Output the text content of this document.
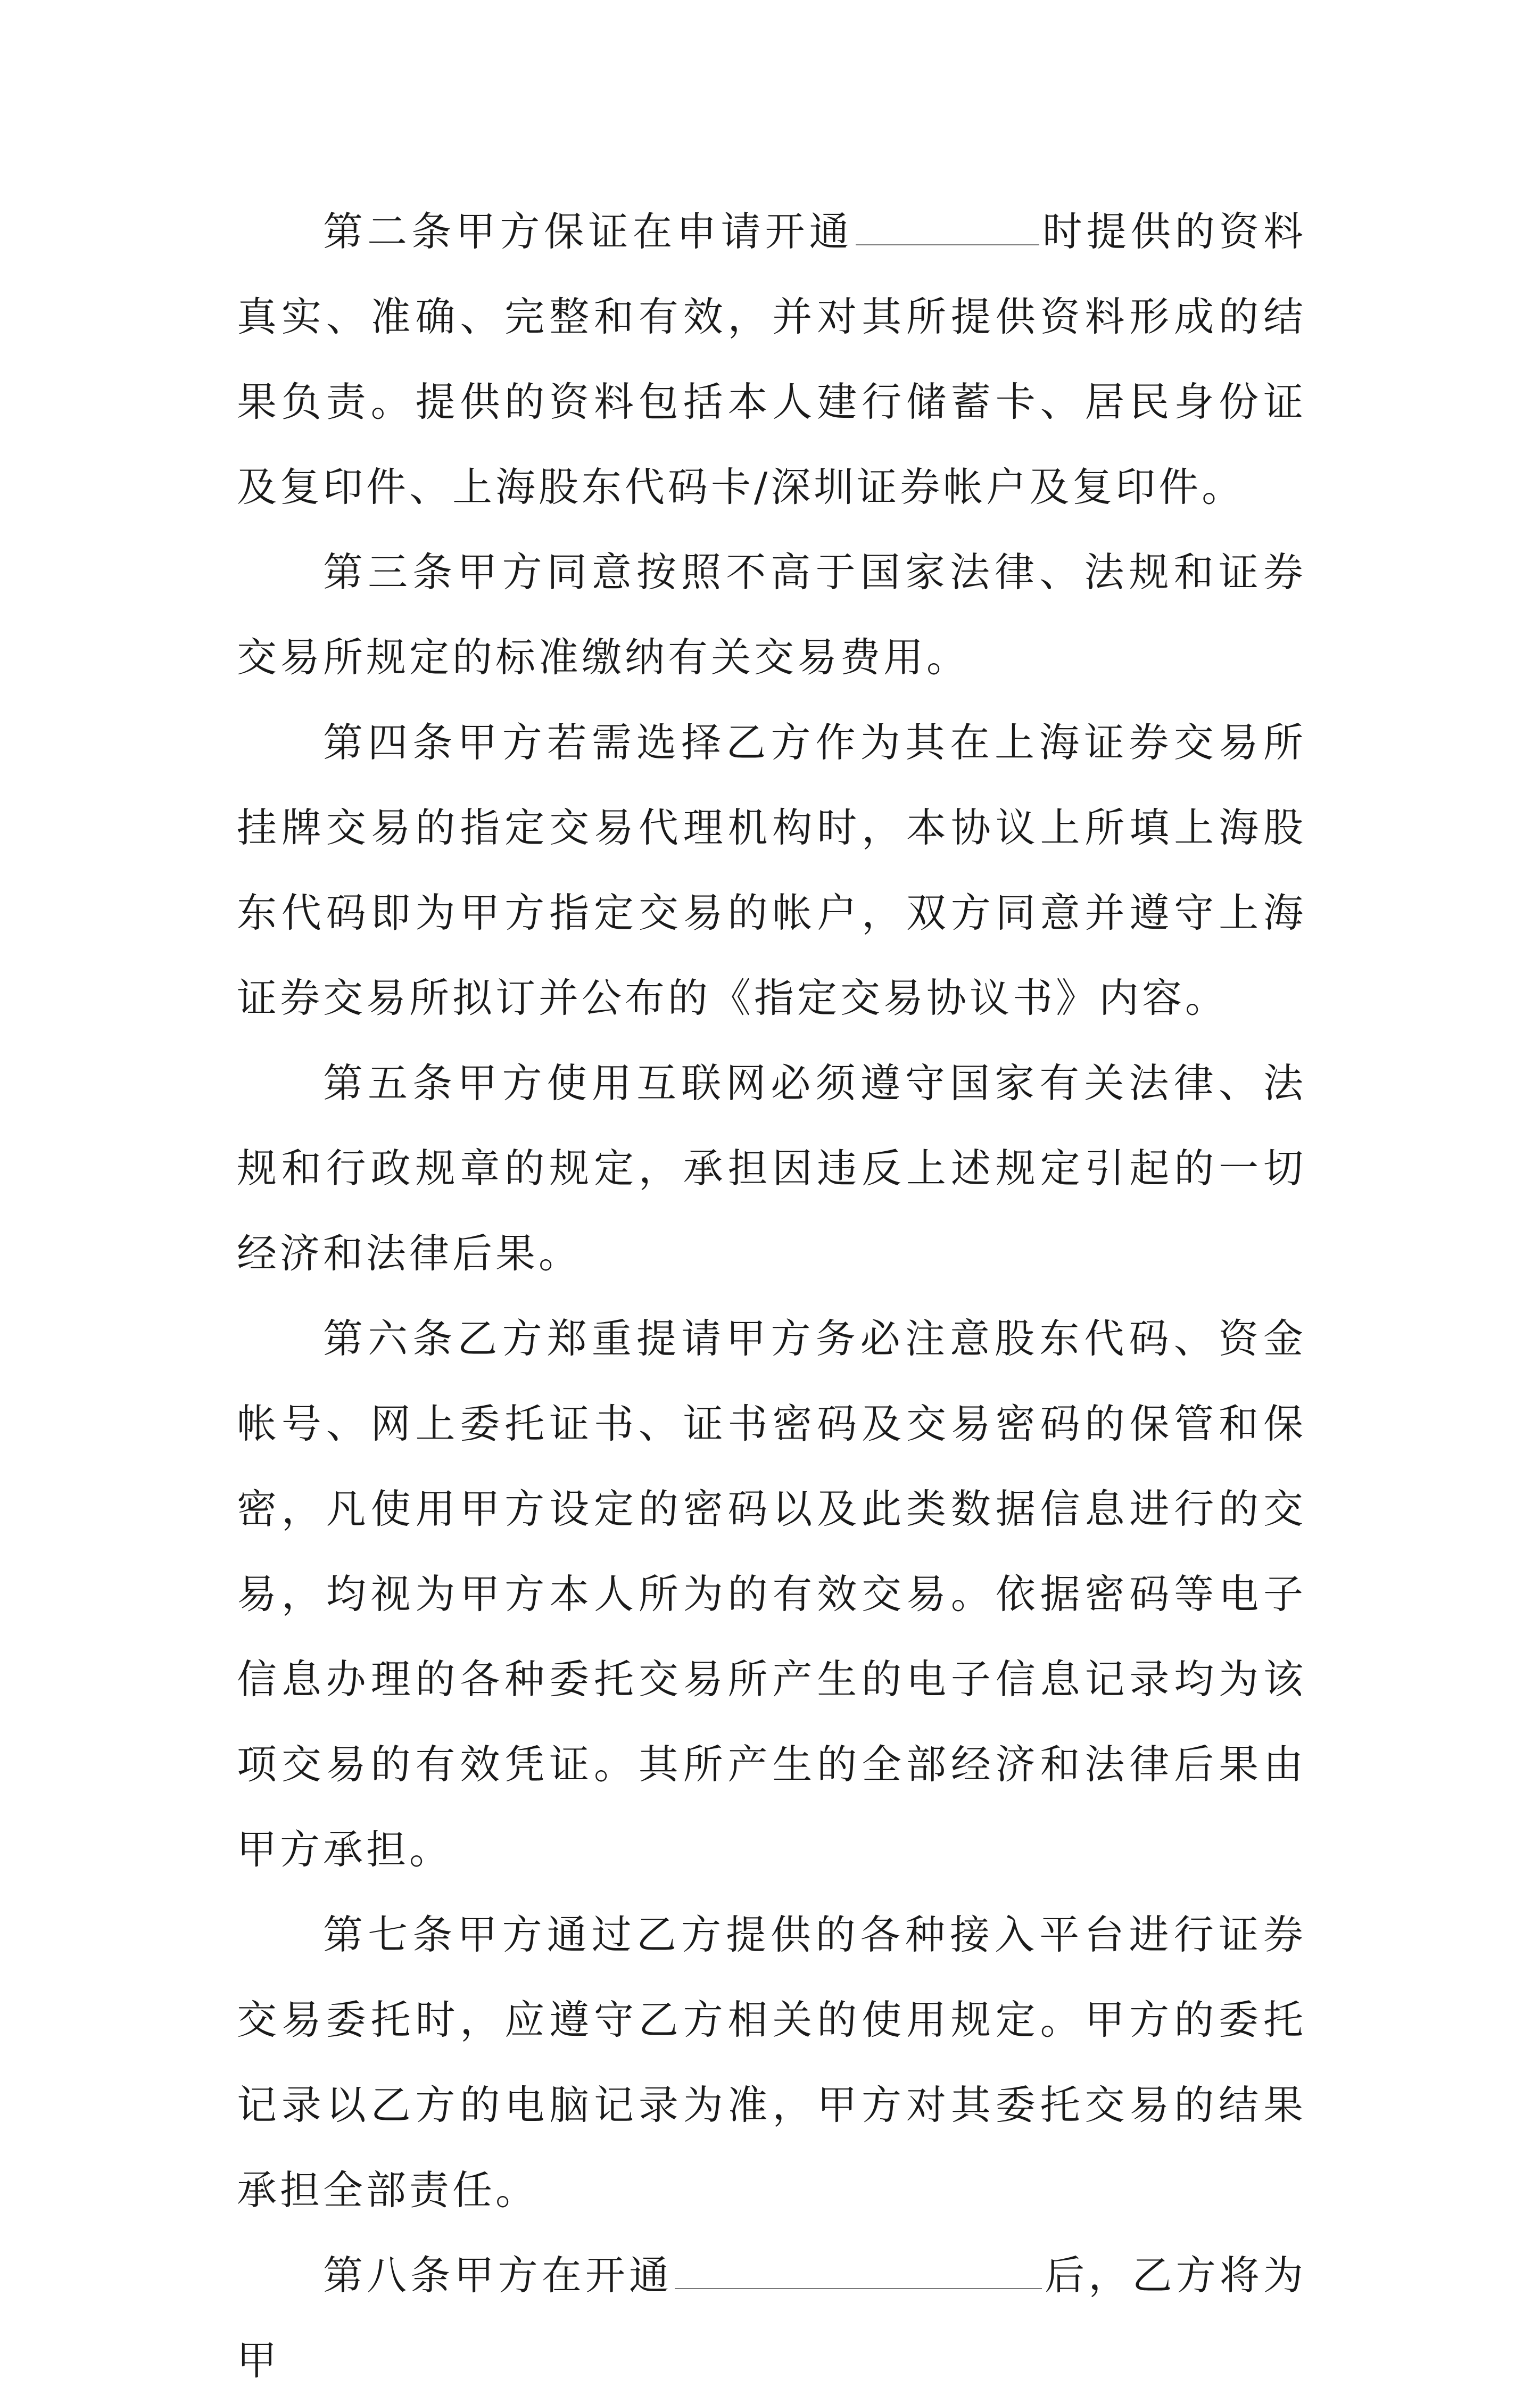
第二条甲方保证在申请开通	时提供的资料真实、准确、完整和有效，并对其所提供资料形成的结果负责。提供的资料包括本人建行储蓄卡、居民身份证及复印件、上海股东代码卡/深圳证券帐户及复印件。

第三条甲方同意按照不高于国家法律、法规和证券交易所规定的标准缴纳有关交易费用。

第四条甲方若需选择乙方作为其在上海证券交易所挂牌交易的指定交易代理机构时，本协议上所填上海股东代码即为甲方指定交易的帐户，双方同意并遵守上海证券交易所拟订并公布的《指定交易协议书》内容。

第五条甲方使用互联网必须遵守国家有关法律、法规和行政规章的规定，承担因违反上述规定引起的一切经济和法律后果。

第六条乙方郑重提请甲方务必注意股东代码、资金帐号、网上委托证书、证书密码及交易密码的保管和保密，凡使用甲方设定的密码以及此类数据信息进行的交易，均视为甲方本人所为的有效交易。依据密码等电子信息办理的各种委托交易所产生的电子信息记录均为该项交易的有效凭证。其所产生的全部经济和法律后果由甲方承担。

第七条甲方通过乙方提供的各种接入平台进行证券交易委托时，应遵守乙方相关的使用规定。甲方的委托记录以乙方的电脑记录为准，甲方对其委托交易的结果承担全部责任。

第八条甲方在开通	后，乙方将为甲
